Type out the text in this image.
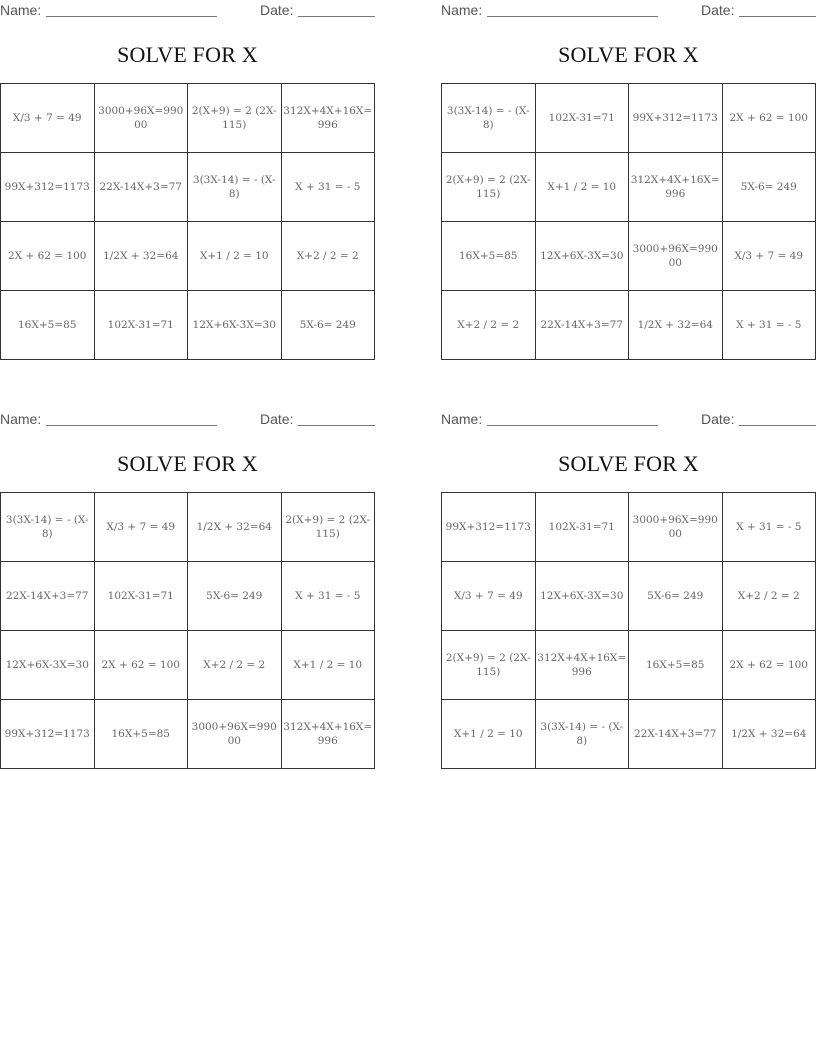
Name:	Date:
SOLVE FOR X
X/3 + 7 = 49	3000+96X=99000	2(X+9) = 2 (2X-115)	312X+4X+16X=996
99X+312=1173	22X-14X+3=77	3(3X-14) = - (X-8)	X + 31 = - 5
2X + 62 = 100	1/2X + 32=64	X+1 / 2 = 10	X+2 / 2 = 2
16X+5=85	102X-31=71	12X+6X-3X=30	5X-6= 249
Name:	Date:
SOLVE FOR X
3(3X-14) = - (X-8)	102X-31=71	99X+312=1173	2X + 62 = 100
2(X+9) = 2 (2X-115)	X+1 / 2 = 10	312X+4X+16X=996	5X-6= 249
16X+5=85	12X+6X-3X=30	3000+96X=99000	X/3 + 7 = 49
X+2 / 2 = 2	22X-14X+3=77	1/2X + 32=64	X + 31 = - 5
Name:	Date:
SOLVE FOR X
3(3X-14) = - (X-8)	X/3 + 7 = 49	1/2X + 32=64	2(X+9) = 2 (2X-115)
22X-14X+3=77	102X-31=71	5X-6= 249	X + 31 = - 5
12X+6X-3X=30	2X + 62 = 100	X+2 / 2 = 2	X+1 / 2 = 10
99X+312=1173	16X+5=85	3000+96X=99000	312X+4X+16X=996
Name:	Date:
SOLVE FOR X
99X+312=1173	102X-31=71	3000+96X=99000	X + 31 = - 5
X/3 + 7 = 49	12X+6X-3X=30	5X-6= 249	X+2 / 2 = 2
2(X+9) = 2 (2X-115)	312X+4X+16X=996	16X+5=85	2X + 62 = 100
X+1 / 2 = 10	3(3X-14) = - (X-8)	22X-14X+3=77	1/2X + 32=64
